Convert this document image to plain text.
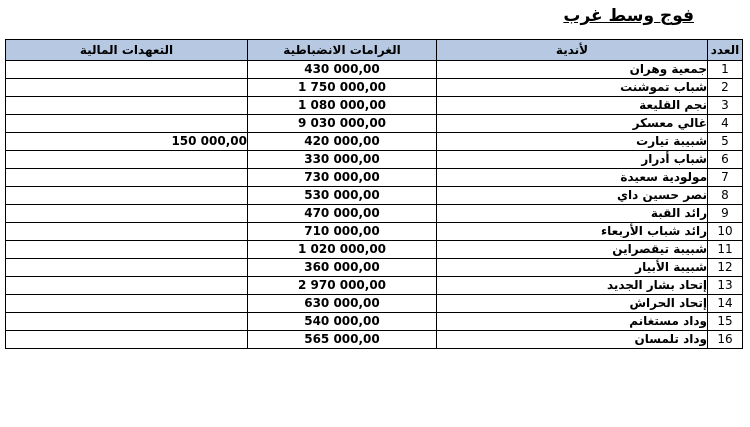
فوج وسط غرب
التعهدات المالية	الغرامات الانضباطية	لأندية	العدد
	430 000,00	جمعية وهران	1
	1 750 000,00	شباب تموشنت	2
	1 080 000,00	نجم القليعة	3
	9 030 000,00	غالي معسكر	4
150 000,00	420 000,00	شبيبة تيارت	5
	330 000,00	شباب أدرار	6
	730 000,00	مولودية سعيدة	7
	530 000,00	نصر حسين داي	8
	470 000,00	رائد القبة	9
	710 000,00	رائد شباب الأربعاء	10
	1 020 000,00	شبيبة تيقصراين	11
	360 000,00	شبيبة الأبيار	12
	2 970 000,00	إتحاد بشار الجديد	13
	630 000,00	إتحاد الحراش	14
	540 000,00	وداد مستغانم	15
	565 000,00	وداد تلمسان	16
